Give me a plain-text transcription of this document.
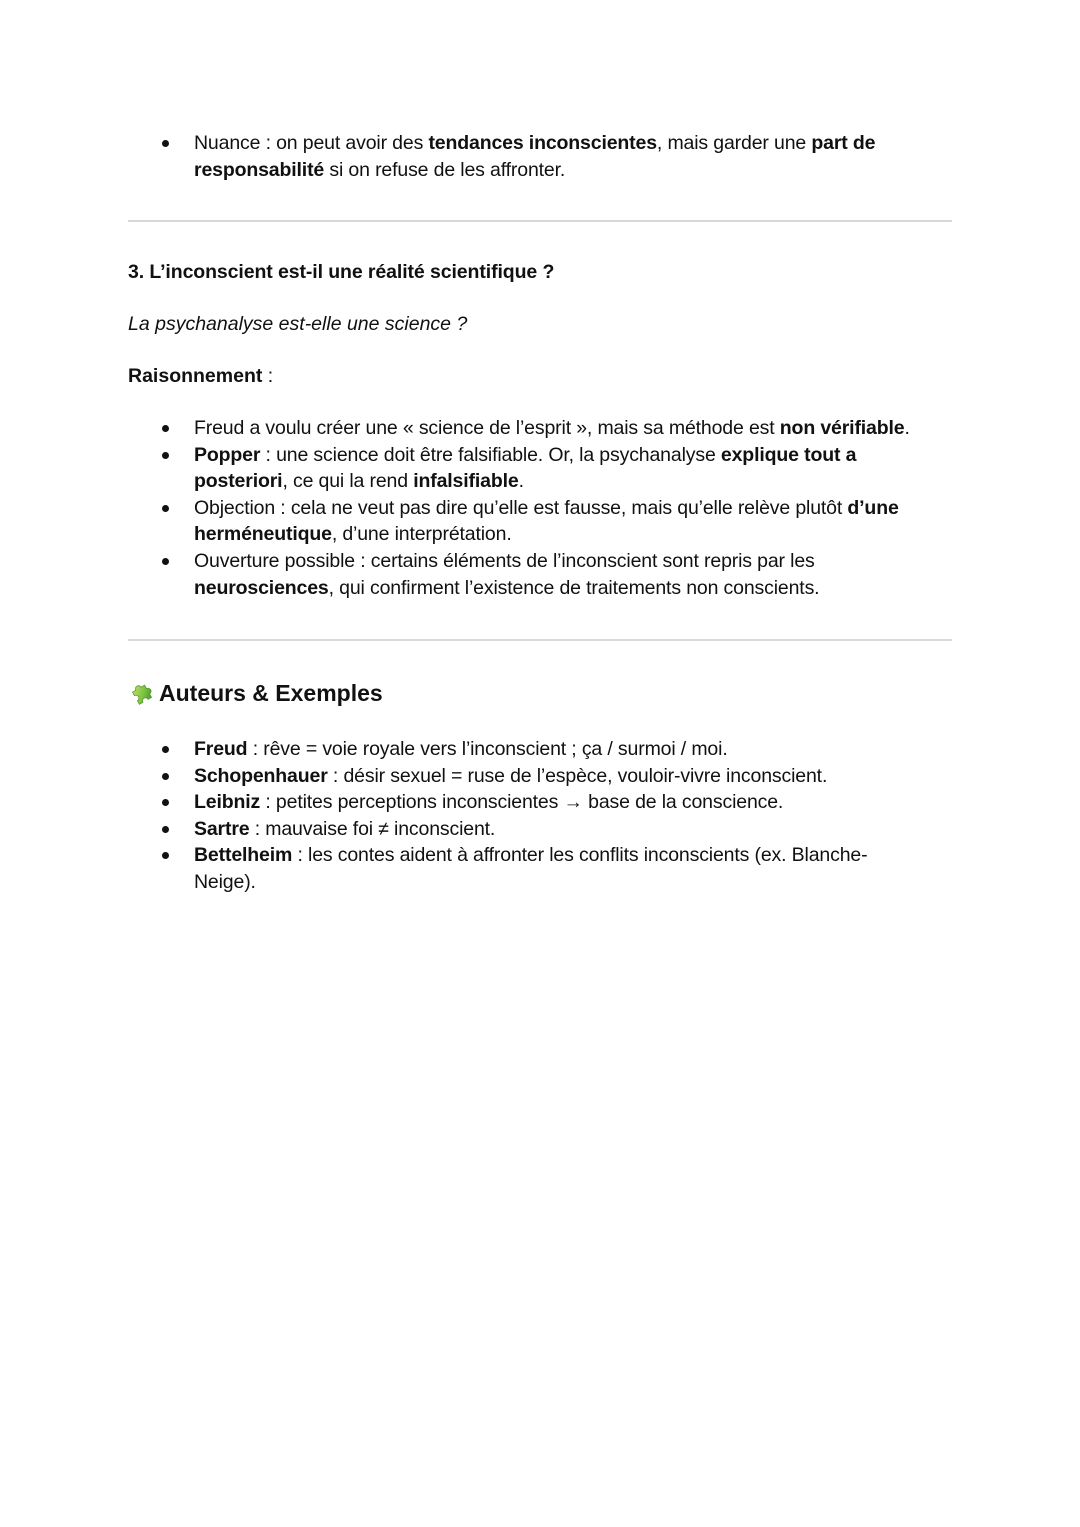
Nuance : on peut avoir des tendances inconscientes, mais garder une part de responsabilité si on refuse de les affronter.
3. L’inconscient est-il une réalité scientifique ?
La psychanalyse est-elle une science ?
Raisonnement :
Freud a voulu créer une « science de l’esprit », mais sa méthode est non vérifiable.
Popper : une science doit être falsifiable. Or, la psychanalyse explique tout a posteriori, ce qui la rend infalsifiable.
Objection : cela ne veut pas dire qu’elle est fausse, mais qu’elle relève plutôt d’une herméneutique, d’une interprétation.
Ouverture possible : certains éléments de l’inconscient sont repris par les neurosciences, qui confirment l’existence de traitements non conscients.
Auteurs & Exemples
Freud : rêve = voie royale vers l’inconscient ; ça / surmoi / moi.
Schopenhauer : désir sexuel = ruse de l’espèce, vouloir-vivre inconscient.
Leibniz : petites perceptions inconscientes → base de la conscience.
Sartre : mauvaise foi ≠ inconscient.
Bettelheim : les contes aident à affronter les conflits inconscients (ex. Blanche-Neige).
